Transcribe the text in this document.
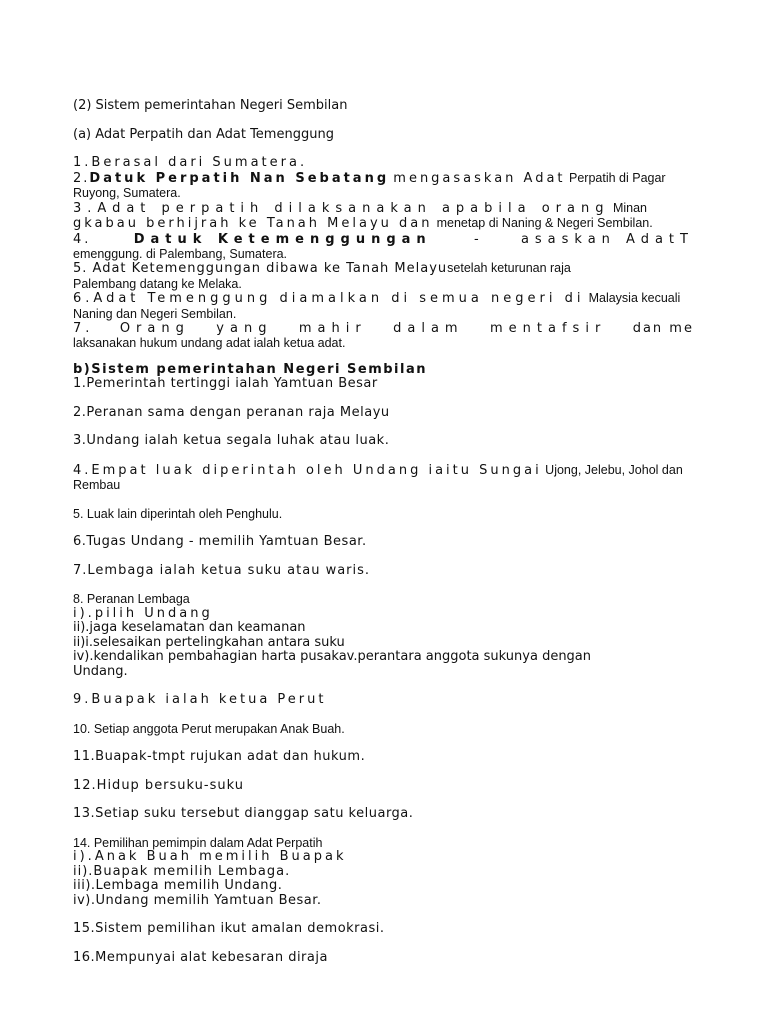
(2) Sistem pemerintahan Negeri Sembilan
(a) Adat Perpatih dan Adat Temenggung
1.Berasal dari Sumatera.
2.Datuk Perpatih Nan Sebatang mengasaskan Adat Perpatih di Pagar
Ruyong, Sumatera.
3.Adat perpatih dilaksanakan apabila orang Minan
gkabau berhijrah ke Tanah Melayu dan menetap di Naning & Negeri Sembilan.
4.	Datuk Ketemenggungan	-	asaskan AdatT
emenggung. di Palembang, Sumatera.
5. Adat Ketemenggungan dibawa ke Tanah Melayusetelah keturunan raja
Palembang datang ke Melaka.
6.Adat Temenggung diamalkan di semua negeri di Malaysia kecuali
Naning dan Negeri Sembilan.
7. Orang yang mahir dalam mentafsir dan me
laksanakan hukum undang adat ialah ketua adat.
b)Sistem pemerintahan Negeri Sembilan
1.Pemerintah tertinggi ialah Yamtuan Besar
2.Peranan sama dengan peranan raja Melayu
3.Undang ialah ketua segala luhak atau luak.
4.Empat luak diperintah oleh Undang iaitu Sungai Ujong, Jelebu, Johol dan
Rembau
5. Luak lain diperintah oleh Penghulu.
6.Tugas Undang - memilih Yamtuan Besar.
7.Lembaga ialah ketua suku atau waris.
8. Peranan Lembaga
i).pilih Undang
ii).jaga keselamatan dan keamanan
ii)i.selesaikan pertelingkahan antara suku
iv).kendalikan pembahagian harta pusakav.perantara anggota sukunya dengan
Undang.
9.Buapak ialah ketua Perut
10. Setiap anggota Perut merupakan Anak Buah.
11.Buapak-tmpt rujukan adat dan hukum.
12.Hidup bersuku-suku
13.Setiap suku tersebut dianggap satu keluarga.
14. Pemilihan pemimpin dalam Adat Perpatih
i).Anak Buah memilih Buapak
ii).Buapak memilih Lembaga.
iii).Lembaga memilih Undang.
iv).Undang memilih Yamtuan Besar.
15.Sistem pemilihan ikut amalan demokrasi.
16.Mempunyai alat kebesaran diraja
